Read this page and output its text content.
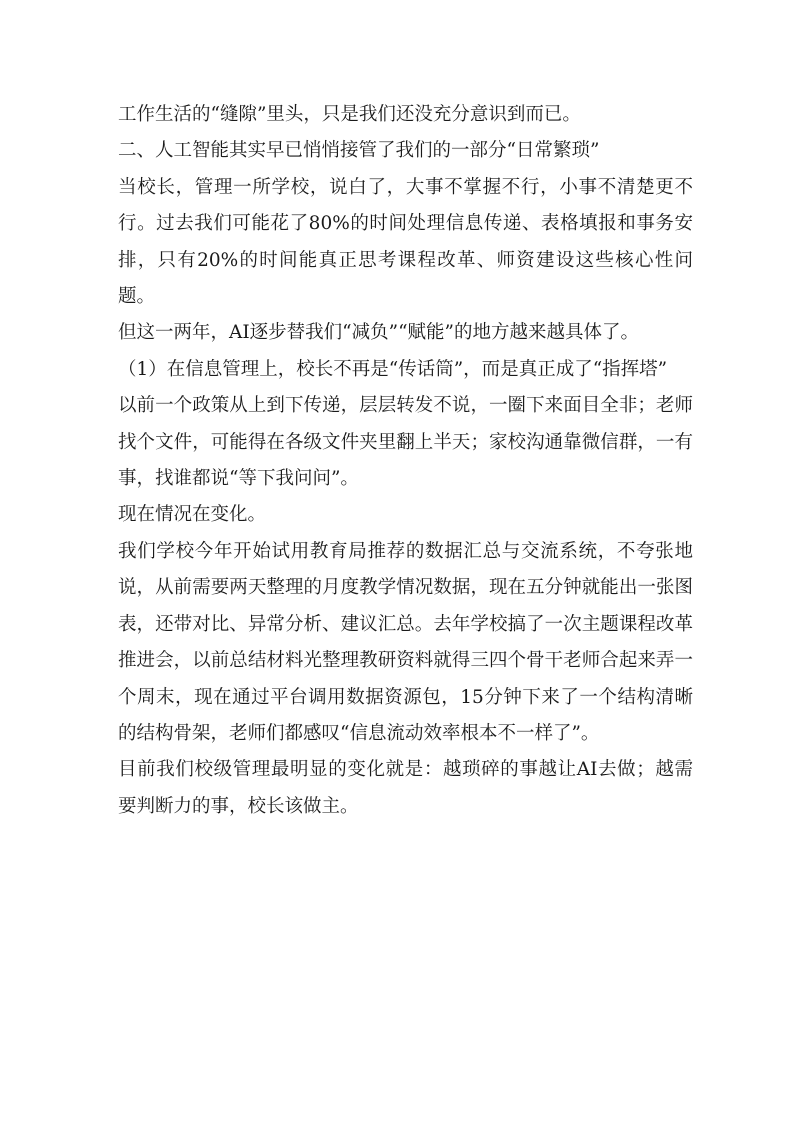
工作生活的“缝隙”里头，只是我们还没充分意识到而已。

二、人工智能其实早已悄悄接管了我们的一部分“日常繁琐”

当校长，管理一所学校，说白了，大事不掌握不行，小事不清楚更不行。过去我们可能花了80%的时间处理信息传递、表格填报和事务安排，只有20%的时间能真正思考课程改革、师资建设这些核心性问题。

但这一两年，AI逐步替我们“减负”“赋能”的地方越来越具体了。

（1）在信息管理上，校长不再是“传话筒”，而是真正成了“指挥塔”

以前一个政策从上到下传递，层层转发不说，一圈下来面目全非；老师找个文件，可能得在各级文件夹里翻上半天；家校沟通靠微信群，一有事，找谁都说“等下我问问”。

现在情况在变化。

我们学校今年开始试用教育局推荐的数据汇总与交流系统，不夸张地说，从前需要两天整理的月度教学情况数据，现在五分钟就能出一张图表，还带对比、异常分析、建议汇总。去年学校搞了一次主题课程改革推进会，以前总结材料光整理教研资料就得三四个骨干老师合起来弄一个周末，现在通过平台调用数据资源包，15分钟下来了一个结构清晰的结构骨架，老师们都感叹“信息流动效率根本不一样了”。

目前我们校级管理最明显的变化就是：越琐碎的事越让AI去做；越需要判断力的事，校长该做主。
